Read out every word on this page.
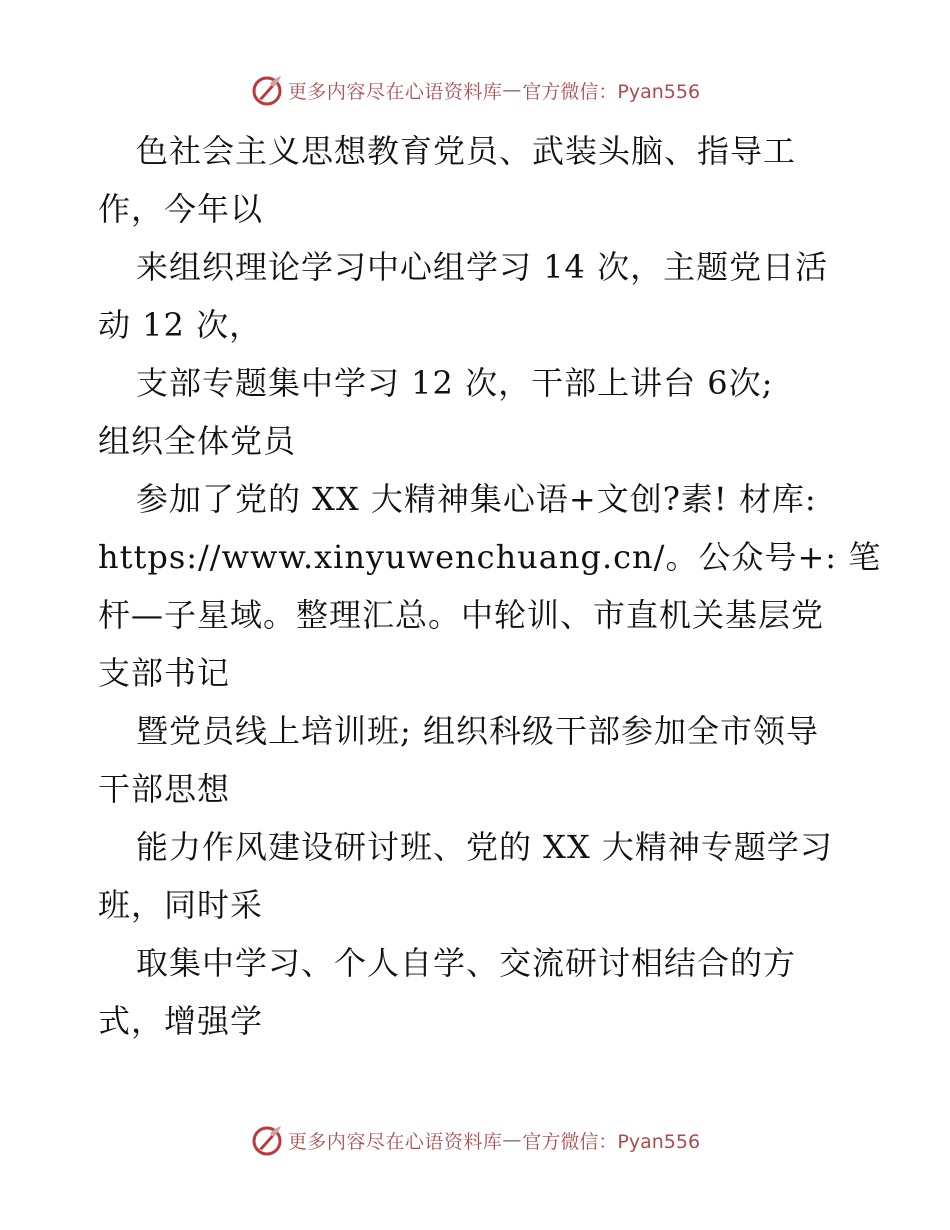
更多内容尽在心语资料库 — 官方微信：Pyan556
色社会主义思想教育党员、武装头脑、指导工
作，今年以
来组织理论学习中心组学习 14 次，主题党日活
动 12 次，
支部专题集中学习 12 次，干部上讲台 6次;
组织全体党员
参加了党的 XX 大精神集心语+文创?素! 材库:
https://www.xinyuwenchuang.cn/。公众号+: 笔
杆—子星域。整理汇总。中轮训、市直机关基层党
支部书记
暨党员线上培训班; 组织科级干部参加全市领导
干部思想
能力作风建设研讨班、党的 XX 大精神专题学习
班，同时采
取集中学习、个人自学、交流研讨相结合的方
式，增强学
更多内容尽在心语资料库 — 官方微信：Pyan556
